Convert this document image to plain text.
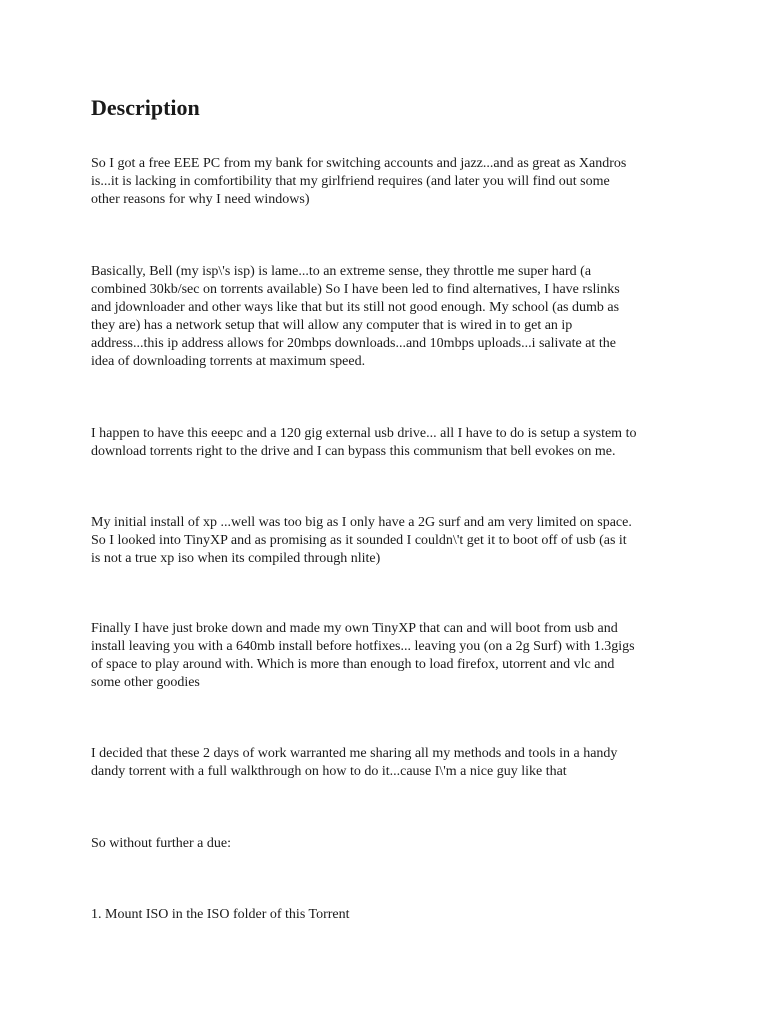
Description

So I got a free EEE PC from my bank for switching accounts and jazz...and as great as Xandros
is...it is lacking in comfortibility that my girlfriend requires (and later you will find out some
other reasons for why I need windows)

Basically, Bell (my isp\'s isp) is lame...to an extreme sense, they throttle me super hard (a
combined 30kb/sec on torrents available) So I have been led to find alternatives, I have rslinks
and jdownloader and other ways like that but its still not good enough. My school (as dumb as
they are) has a network setup that will allow any computer that is wired in to get an ip
address...this ip address allows for 20mbps downloads...and 10mbps uploads...i salivate at the
idea of downloading torrents at maximum speed.

I happen to have this eeepc and a 120 gig external usb drive... all I have to do is setup a system to
download torrents right to the drive and I can bypass this communism that bell evokes on me.

My initial install of xp ...well was too big as I only have a 2G surf and am very limited on space.
So I looked into TinyXP and as promising as it sounded I couldn\'t get it to boot off of usb (as it
is not a true xp iso when its compiled through nlite)

Finally I have just broke down and made my own TinyXP that can and will boot from usb and
install leaving you with a 640mb install before hotfixes... leaving you (on a 2g Surf) with 1.3gigs
of space to play around with. Which is more than enough to load firefox, utorrent and vlc and
some other goodies

I decided that these 2 days of work warranted me sharing all my methods and tools in a handy
dandy torrent with a full walkthrough on how to do it...cause I\'m a nice guy like that

So without further a due:

1. Mount ISO in the ISO folder of this Torrent
